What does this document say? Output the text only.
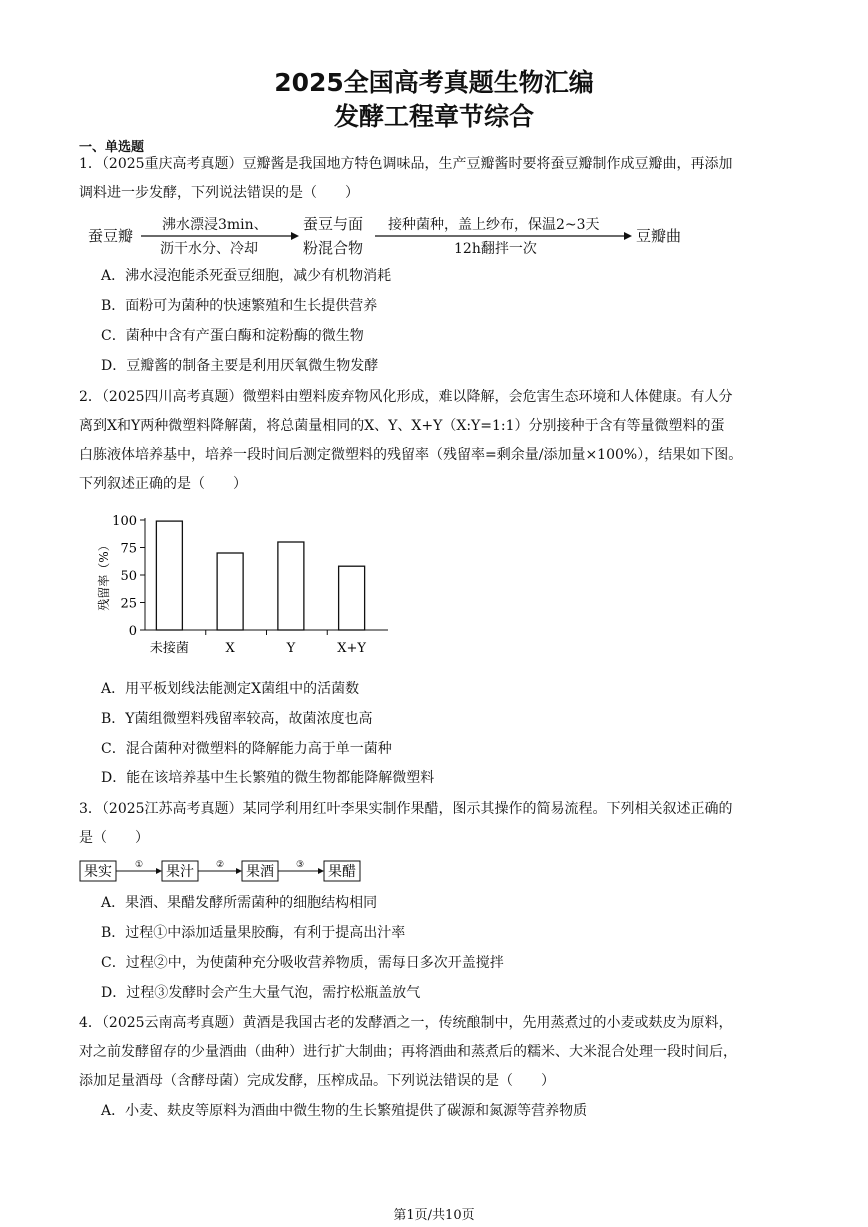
2025全国高考真题生物汇编
发酵工程章节综合
一、单选题
1．（2025重庆高考真题）豆瓣酱是我国地方特色调味品，生产豆瓣酱时要将蚕豆瓣制作成豆瓣曲，再添加
调料进一步发酵，下列说法错误的是（　　）
蚕豆瓣
沸水漂浸3min、
沥干水分、冷却
蚕豆与面
粉混合物
接种菌种，盖上纱布，保温2~3天
12h翻拌一次
豆瓣曲
A．沸水浸泡能杀死蚕豆细胞，减少有机物消耗
B．面粉可为菌种的快速繁殖和生长提供营养
C．菌种中含有产蛋白酶和淀粉酶的微生物
D．豆瓣酱的制备主要是利用厌氧微生物发酵
2．（2025四川高考真题）微塑料由塑料废弃物风化形成，难以降解，会危害生态环境和人体健康。有人分
离到X和Y两种微塑料降解菌，将总菌量相同的X、Y、X+Y（X:Y=1:1）分别接种于含有等量微塑料的蛋
白胨液体培养基中，培养一段时间后测定微塑料的残留率（残留率=剩余量/添加量×100%），结果如下图。
下列叙述正确的是（　　）
0
25
50
75
100
残留率（%）
未接菌	X	Y	X+Y
A．用平板划线法能测定X菌组中的活菌数
B．Y菌组微塑料残留率较高，故菌浓度也高
C．混合菌种对微塑料的降解能力高于单一菌种
D．能在该培养基中生长繁殖的微生物都能降解微塑料
3．（2025江苏高考真题）某同学利用红叶李果实制作果醋，图示其操作的简易流程。下列相关叙述正确的
是（　　）
果实	① 果汁 ② 果酒 ③ 果醋
A．果酒、果醋发酵所需菌种的细胞结构相同
B．过程①中添加适量果胶酶，有利于提高出汁率
C．过程②中，为使菌种充分吸收营养物质，需每日多次开盖搅拌
D．过程③发酵时会产生大量气泡，需拧松瓶盖放气
4．（2025云南高考真题）黄酒是我国古老的发酵酒之一，传统酿制中，先用蒸煮过的小麦或麸皮为原料，
对之前发酵留存的少量酒曲（曲种）进行扩大制曲；再将酒曲和蒸煮后的糯米、大米混合处理一段时间后，
添加足量酒母（含酵母菌）完成发酵，压榨成品。下列说法错误的是（　　）
A．小麦、麸皮等原料为酒曲中微生物的生长繁殖提供了碳源和氮源等营养物质
第1页/共10页
